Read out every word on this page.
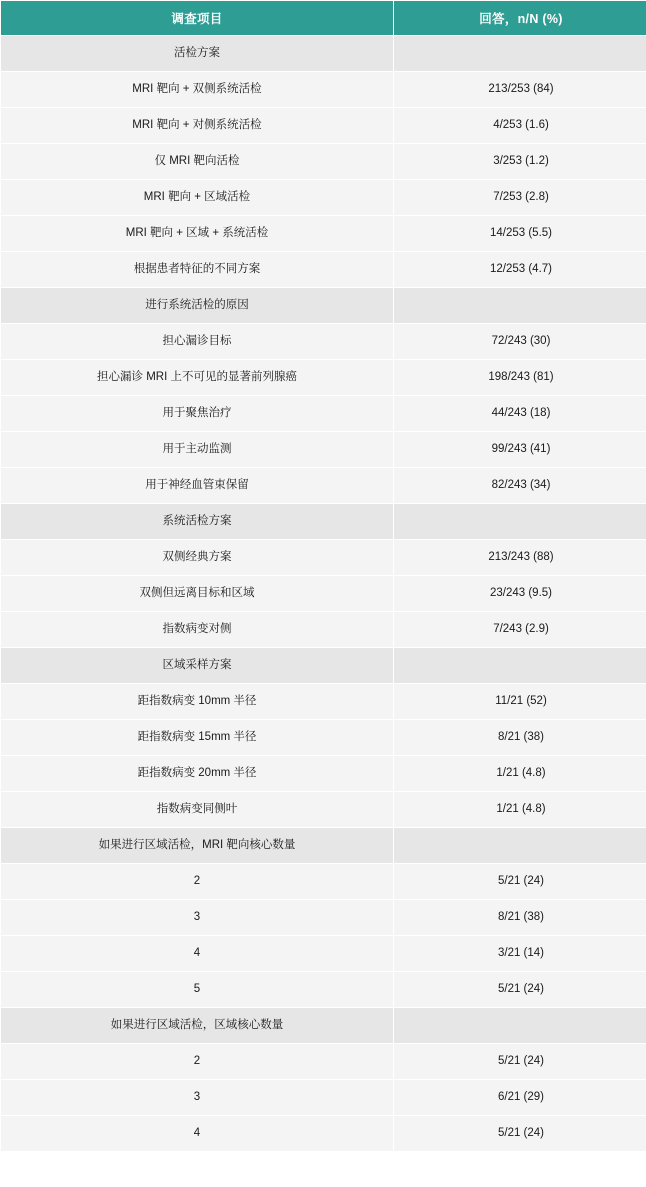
调查项目	回答，n/N (%)
活检方案	
MRI 靶向 + 双侧系统活检	213/253 (84)
MRI 靶向 + 对侧系统活检	4/253 (1.6)
仅 MRI 靶向活检	3/253 (1.2)
MRI 靶向 + 区域活检	7/253 (2.8)
MRI 靶向 + 区域 + 系统活检	14/253 (5.5)
根据患者特征的不同方案	12/253 (4.7)
进行系统活检的原因	
担心漏诊目标	72/243 (30)
担心漏诊 MRI 上不可见的显著前列腺癌	198/243 (81)
用于聚焦治疗	44/243 (18)
用于主动监测	99/243 (41)
用于神经血管束保留	82/243 (34)
系统活检方案	
双侧经典方案	213/243 (88)
双侧但远离目标和区域	23/243 (9.5)
指数病变对侧	7/243 (2.9)
区域采样方案	
距指数病变 10mm 半径	11/21 (52)
距指数病变 15mm 半径	8/21 (38)
距指数病变 20mm 半径	1/21 (4.8)
指数病变同侧叶	1/21 (4.8)
如果进行区域活检，MRI 靶向核心数量	
2	5/21 (24)
3	8/21 (38)
4	3/21 (14)
5	5/21 (24)
如果进行区域活检，区域核心数量	
2	5/21 (24)
3	6/21 (29)
4	5/21 (24)
